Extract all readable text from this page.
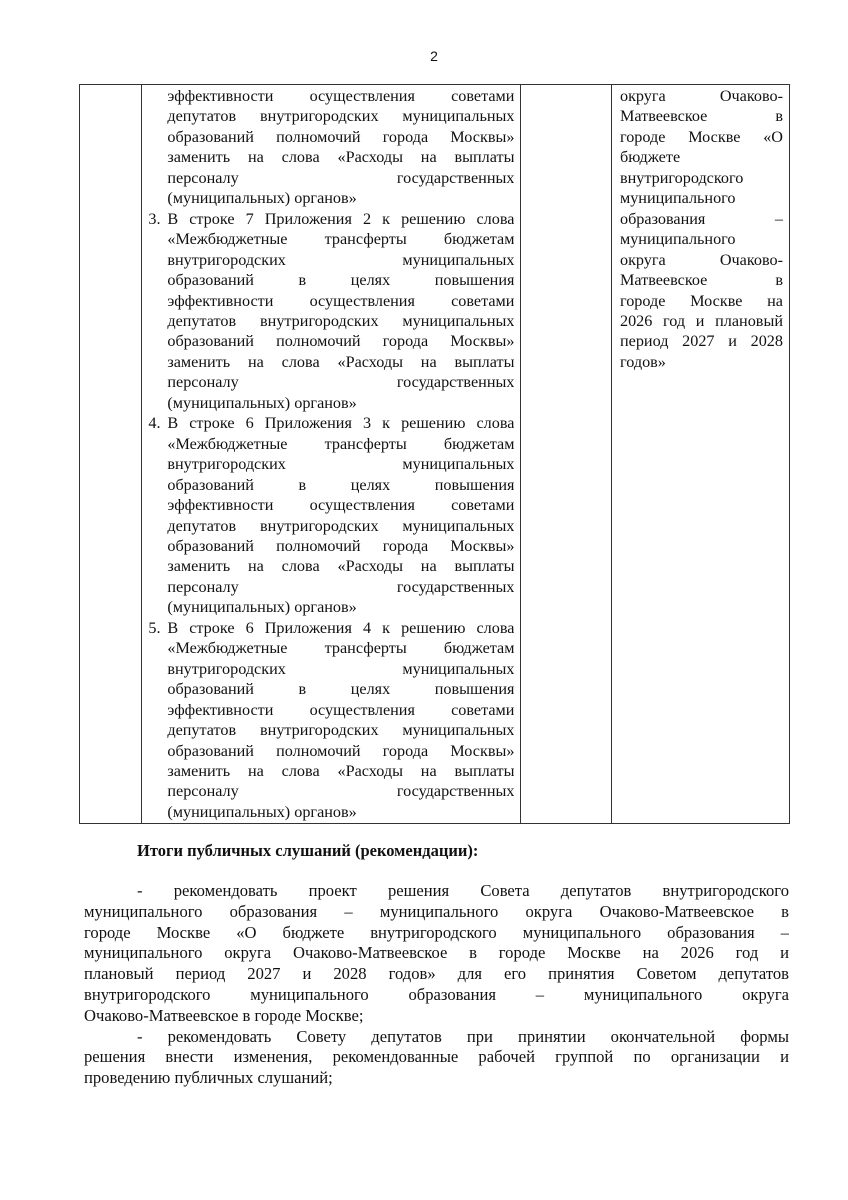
2

эффективности осуществления советами
депутатов внутригородских муниципальных
образований полномочий города Москвы»
заменить на слова «Расходы на выплаты
персоналу государственных
(муниципальных) органов»
3. В строке 7 Приложения 2 к решению слова
«Межбюджетные трансферты бюджетам
внутригородских муниципальных
образований в целях повышения
эффективности осуществления советами
депутатов внутригородских муниципальных
образований полномочий города Москвы»
заменить на слова «Расходы на выплаты
персоналу государственных
(муниципальных) органов»
4. В строке 6 Приложения 3 к решению слова
«Межбюджетные трансферты бюджетам
внутригородских муниципальных
образований в целях повышения
эффективности осуществления советами
депутатов внутригородских муниципальных
образований полномочий города Москвы»
заменить на слова «Расходы на выплаты
персоналу государственных
(муниципальных) органов»
5. В строке 6 Приложения 4 к решению слова
«Межбюджетные трансферты бюджетам
внутригородских муниципальных
образований в целях повышения
эффективности осуществления советами
депутатов внутригородских муниципальных
образований полномочий города Москвы»
заменить на слова «Расходы на выплаты
персоналу государственных
(муниципальных) органов»

округа Очаково-
Матвеевское в
городе Москве «О
бюджете
внутригородского
муниципального
образования –
муниципального
округа Очаково-
Матвеевское в
городе Москве на
2026 год и плановый
период 2027 и 2028
годов»
Итоги публичных слушаний (рекомендации):
- рекомендовать проект решения Совета депутатов внутригородского
муниципального образования – муниципального округа Очаково-Матвеевское в
городе Москве «О бюджете внутригородского муниципального образования –
муниципального округа Очаково-Матвеевское в городе Москве на 2026 год и
плановый период 2027 и 2028 годов» для его принятия Советом депутатов
внутригородского муниципального образования – муниципального округа
Очаково-Матвеевское в городе Москве;
- рекомендовать Совету депутатов при принятии окончательной формы
решения внести изменения, рекомендованные рабочей группой по организации и
проведению публичных слушаний;
